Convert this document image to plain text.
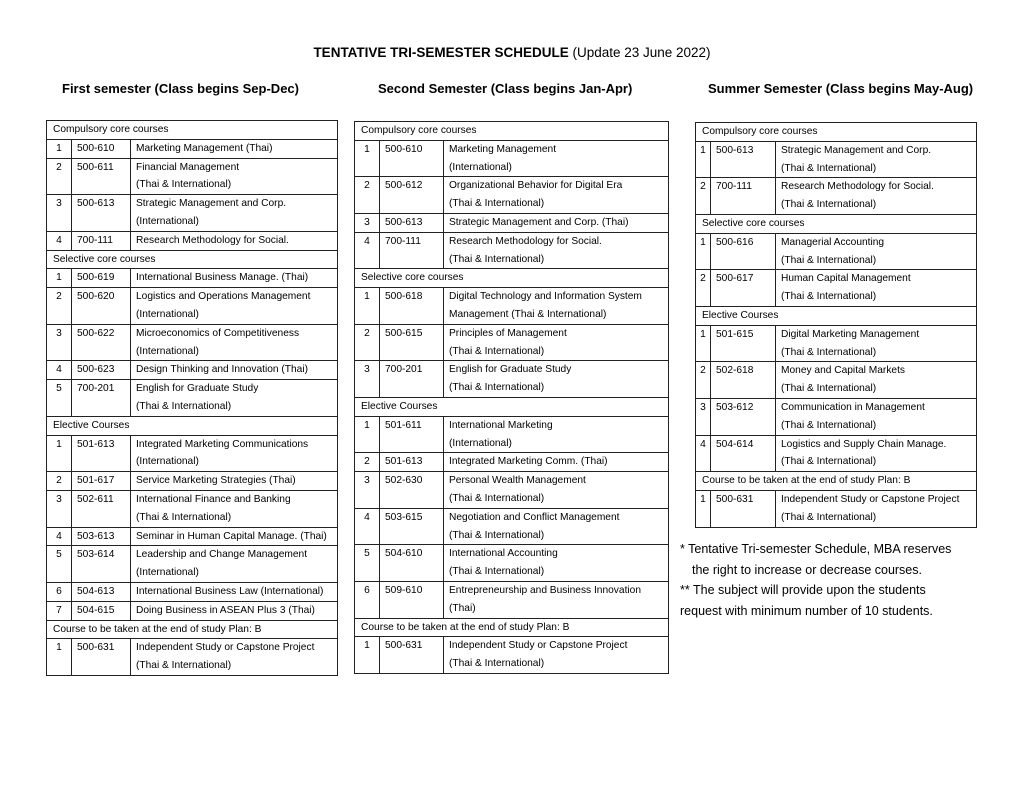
TENTATIVE TRI-SEMESTER SCHEDULE (Update 23 June 2022)
First semester (Class begins Sep-Dec)	Second Semester (Class begins Jan-Apr)	Summer Semester (Class begins May-Aug)
Compulsory core courses		
1	500-610	Marketing Management (Thai)
2	500-611	Financial Management
		(Thai & International)
3	500-613	Strategic Management and Corp.
		(International)
4	700-111	Research Methodology for Social.
Selective core courses		
1	500-619	International Business Manage. (Thai)
2	500-620	Logistics and Operations Management
		(International)
3	500-622	Microeconomics of Competitiveness
		(International)
4	500-623	Design Thinking and Innovation (Thai)
5	700-201	English for Graduate Study
		(Thai & International)
Elective Courses		
1	501-613	Integrated Marketing Communications
		(International)
2	501-617	Service Marketing Strategies (Thai)
3	502-611	International Finance and Banking
		(Thai & International)
4	503-613	Seminar in Human Capital Manage. (Thai)
5	503-614	Leadership and Change Management
		(International)
6	504-613	International Business Law (International)
7	504-615	Doing Business in ASEAN Plus 3 (Thai)
Course to be taken at the end of study Plan: B		
1	500-631	Independent Study or Capstone Project
		(Thai & International)
Compulsory core courses		
1	500-610	Marketing Management
		(International)
2	500-612	Organizational Behavior for Digital Era
		(Thai & International)
3	500-613	Strategic Management and Corp. (Thai)
4	700-111	Research Methodology for Social.
		(Thai & International)
Selective core courses		
1	500-618	Digital Technology and Information System
		Management (Thai & International)
2	500-615	Principles of Management
		(Thai & International)
3	700-201	English for Graduate Study
		(Thai & International)
Elective Courses		
1	501-611	International Marketing
		(International)
2	501-613	Integrated Marketing Comm. (Thai)
3	502-630	Personal Wealth Management
		(Thai & International)
4	503-615	Negotiation and Conflict Management
		(Thai & International)
5	504-610	International Accounting
		(Thai & International)
6	509-610	Entrepreneurship and Business Innovation
		(Thai)
Course to be taken at the end of study Plan: B		
1	500-631	Independent Study or Capstone Project
		(Thai & International)
Compulsory core courses		
1	500-613	Strategic Management and Corp.
		(Thai & International)
2	700-111	Research Methodology for Social.
		(Thai & International)
Selective core courses		
1	500-616	Managerial Accounting
		(Thai & International)
2	500-617	Human Capital Management
		(Thai & International)
Elective Courses		
1	501-615	Digital Marketing Management
		(Thai & International)
2	502-618	Money and Capital Markets
		(Thai & International)
3	503-612	Communication in Management
		(Thai & International)
4	504-614	Logistics and Supply Chain Manage.
		(Thai & International)
Course to be taken at the end of study Plan: B		
1	500-631	Independent Study or Capstone Project
		(Thai & International)
* Tentative Tri-semester Schedule, MBA reserves
the right to increase or decrease courses.
** The subject will provide upon the students
request with minimum number of 10 students.
